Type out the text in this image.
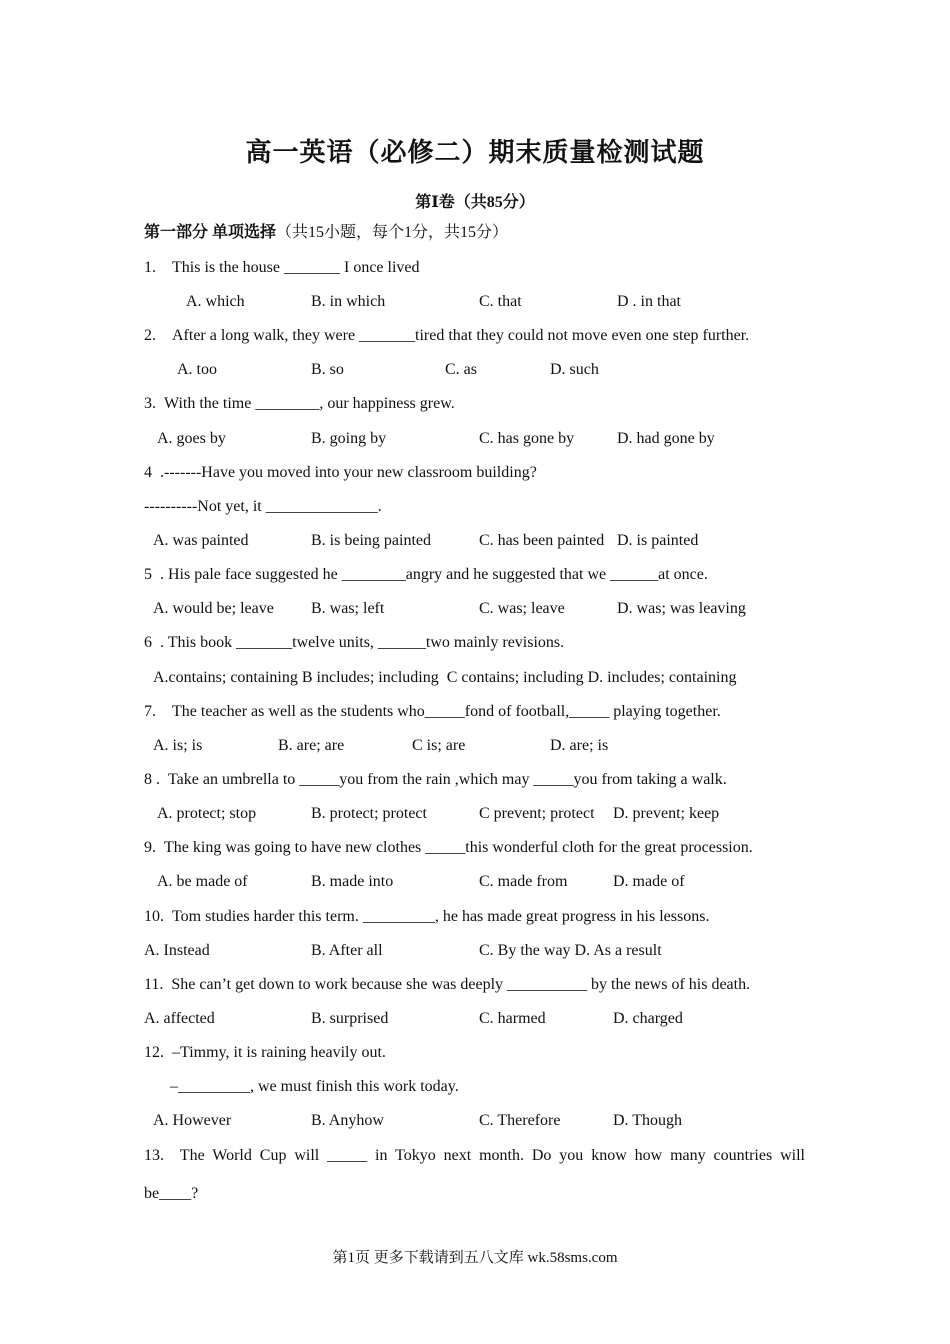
高一英语（必修二）期末质量检测试题
第Ⅰ卷（共85分）
第一部分 单项选择（共15小题，每个1分，共15分）
1.    This is the house _______ I once lived
A. which	B. in which	C. that	D . in that
2.    After a long walk, they were _______tired that they could not move even one step further.
A. too	B. so	C. as	D. such
3.  With the time ________, our happiness grew.
A. goes by	B. going by	C. has gone by	D. had gone by
4  .-------Have you moved into your new classroom building?
----------Not yet, it ______________.
A. was painted	B. is being painted	C. has been painted D. is painted
5  . His pale face suggested he ________angry and he suggested that we ______at once.
A. would be; leave B. was; left	C. was; leave	D. was; was leaving
6  . This book _______twelve units, ______two mainly revisions.
A.contains; containing B includes; including  C contains; including D. includes; containing
7.    The teacher as well as the students who_____fond of football,_____ playing together.
A. is; is	B. are; are	C is; are	D. are; is
8 .  Take an umbrella to _____you from the rain ,which may _____you from taking a walk.
A. protect; stop	B. protect; protect	C prevent; protect D. prevent; keep
9.  The king was going to have new clothes _____this wonderful cloth for the great procession.
A. be made of	B. made into	C. made from	D. made of
10.  Tom studies harder this term. _________, he has made great progress in his lessons.
A. Instead	B. After all	C. By the way D. As a result
11.  She can’t get down to work because she was deeply __________ by the news of his death.
A. affected	B. surprised	C. harmed	D. charged
12.  –Timmy, it is raining heavily out.
–_________, we must finish this work today.
A. However	B. Anyhow	C. Therefore	D. Though
13.  The World Cup will _____ in Tokyo next month. Do you know how many countries will
be____?
第1页 更多下载请到五八文库 wk.58sms.com
